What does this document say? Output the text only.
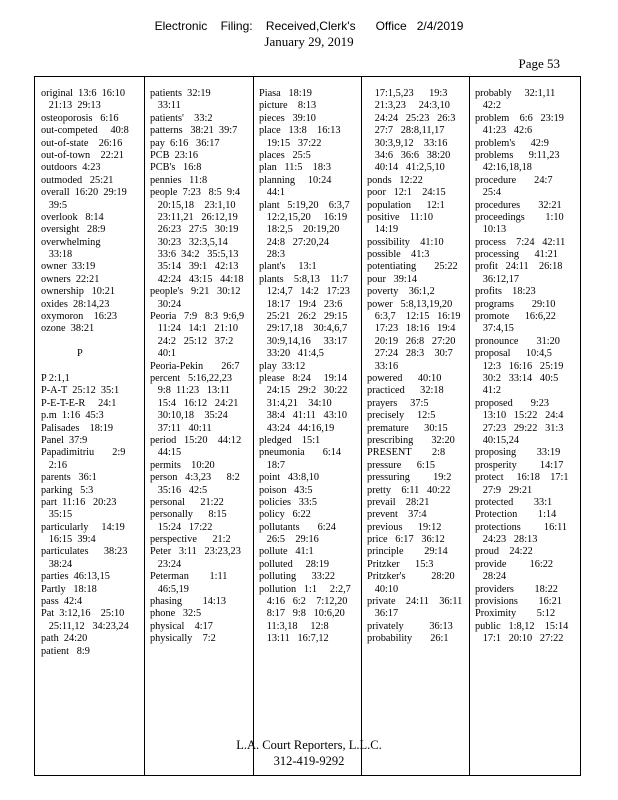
Electronic    Filing:    Received,Clerk's      Office   2/4/2019
January 29, 2019
Page 53
original  13:6  16:10
21:13  29:13
osteoporosis   6:16
out-competed     40:8
out-of-state    26:16
out-of-town    22:21
outdoors  4:23
outmoded   25:21
overall  16:20  29:19
39:5
overlook   8:14
oversight   28:9
overwhelming
33:18
owner  33:19
owners  22:21
ownership   10:21
oxides  28:14,23
oxymoron    16:23
ozone  38:21
P
P 2:1,1
P-A-T  25:12  35:1
P-E-T-E-R     24:1
p.m  1:16  45:3
Palisades    18:19
Panel  37:9
Papadimitriu       2:9
2:16
parents   36:1
parking   5:3
part  11:16   20:23
35:15
particularly     14:19
16:15  39:4
particulates      38:23
38:24
parties  46:13,15
Partly   18:18
pass  42:4
Pat  3:12,16    25:10
25:11,12   34:23,24
path  24:20
patient   8:9
patients  32:19
33:11
patients'    33:2
patterns   38:21  39:7
pay  6:16   36:17
PCB  23:16
PCB's   16:8
pennies   11:8
people  7:23   8:5  9:4
20:15,18    23:1,10
23:11,21   26:12,19
26:23   27:5   30:19
30:23   32:3,5,14
33:6  34:2   35:5,13
35:14   39:1   42:13
42:24   43:15   44:18
people's   9:21   30:12
30:24
Peoria   7:9   8:3  9:6,9
11:24   14:1   21:10
24:2   25:12   37:2
40:1
Peoria-Pekin       26:7
percent   5:16,22,23
9:8  11:23   13:11
15:4   16:12   24:21
30:10,18    35:24
37:11   40:11
period   15:20    44:12
44:15
permits    10:20
person   4:3,23      8:2
35:16   42:5
personal      21:22
personally      8:15
15:24   17:22
perspective      21:2
Peter   3:11   23:23,23
23:24
Peterman        1:11
46:5,19
phasing        14:13
phone   32:5
physical    4:17
physically    7:2
Piasa   18:19
picture    8:13
pieces   39:10
place   13:8    16:13
19:15   37:22
places   25:5
plan   11:5    18:3
planning     10:24
44:1
plant   5:19,20    6:3,7
12:2,15,20     16:19
18:2,5    20:19,20
24:8   27:20,24
28:3
plant's     13:1
plants    5:8,13    11:7
12:4,7   14:2   17:23
18:17   19:4   23:6
25:21   26:2   29:15
29:17,18    30:4,6,7
30:9,14,16     33:17
33:20   41:4,5
play  33:12
please   8:24     19:14
24:15   29:2   30:22
31:4,21    34:10
38:4   41:11   43:10
43:24   44:16,19
pledged    15:1
pneumonia       6:14
18:7
point   43:8,10
poison   43:5
policies   33:5
policy   6:22
pollutants       6:24
26:5    29:16
pollute   41:1
polluted     28:19
polluting      33:22
pollution   1:1     2:2,7
4:16   6:2    7:12,20
8:17   9:8   10:6,20
11:3,18     12:8
13:11   16:7,12
17:1,5,23      19:3
21:3,23     24:3,10
24:24   25:23   26:3
27:7   28:8,11,17
30:3,9,12    33:16
34:6   36:6   38:20
40:14   41:2,5,10
ponds   12:22
poor   12:1    24:15
population      12:1
positive    11:10
14:19
possibility    41:10
possible    41:3
potentiating       25:22
pour   39:14
poverty    36:1,2
power   5:8,13,19,20
6:3,7    12:15   16:19
17:23   18:16   19:4
20:19   26:8   27:20
27:24   28:3    30:7
33:16
powered      40:10
practiced      32:18
prayers     37:5
precisely     12:5
premature      30:15
prescribing       32:20
PRESENT        2:8
pressure      6:15
pressuring         19:2
pretty    6:11   40:22
prevail    28:21
prevent    37:4
previous      19:12
price   6:17   36:12
principle        29:14
Pritzker      15:3
Pritzker's          28:20
40:10
private    24:11    36:11
36:17
privately          36:13
probability       26:1
probably     32:1,11
42:2
problem    6:6   23:19
41:23   42:6
problem's      42:9
problems      9:11,23
42:16,18,18
procedure       24:7
25:4
procedures       32:21
proceedings        1:10
10:13
process    7:24   42:11
processing      41:21
profit   24:11    26:18
36:12,17
profits    18:23
programs       29:10
promote      16:6,22
37:4,15
pronounce       31:20
proposal      10:4,5
12:3   16:16   25:19
30:2   33:14   40:5
41:2
proposed       9:23
13:10   15:22   24:4
27:23   29:22   31:3
40:15,24
proposing        33:19
prosperity         14:17
protect     16:18    17:1
27:9   29:21
protected        33:1
Protection        1:14
protections         16:11
24:23   28:13
proud    24:22
provide         16:22
28:24
providers        18:22
provisions        16:21
Proximity        5:12
public   1:8,12    15:14
17:1   20:10   27:22
L.A. Court Reporters, L.L.C.
312-419-9292
